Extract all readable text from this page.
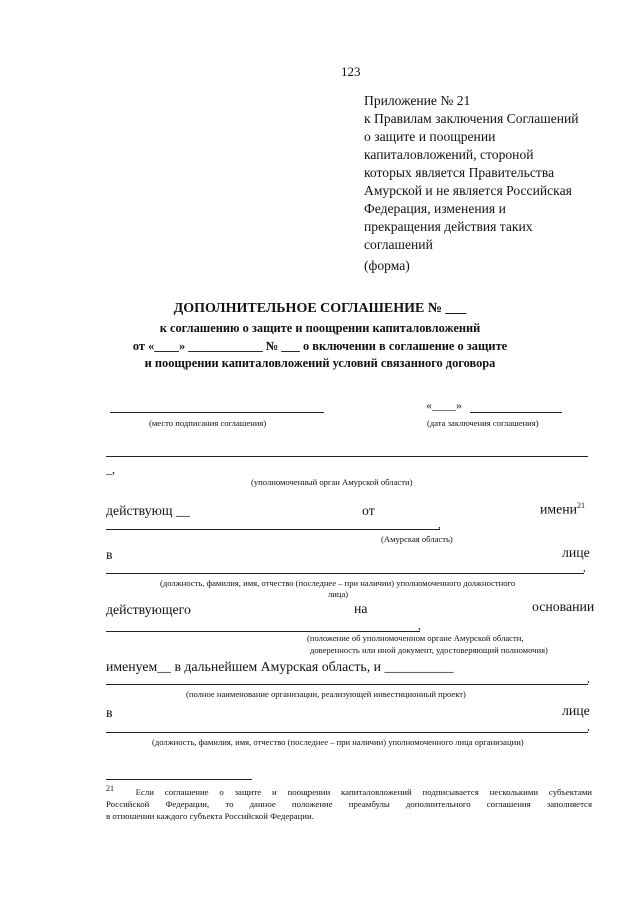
123
Приложение № 21
к Правилам заключения Соглашений
о защите и поощрении
капиталовложений, стороной
которых является Правительства
Амурской и не является Российская
Федерация, изменения и
прекращения действия таких
соглашений
(форма)
ДОПОЛНИТЕЛЬНОЕ СОГЛАШЕНИЕ № ___
к соглашению о защите и поощрении капиталовложений
от «____» ____________ № ___ о включении в соглашение о защите
и поощрении капиталовложений условий связанного договора
(место подписания соглашения)
«____»
(дата заключения соглашения)
_,
(уполномоченный орган Амурской области)
действующ __	от	имени$^{21}$
,
(Амурская область)
в	лице
,
(должность, фамилия, имя, отчество (последнее – при наличии) уполномоченного должностного
лица)
действующего	на	основании
,
(положение об уполномоченном органе Амурской области,
доверенность или иной документ, удостоверяющий полномочия)
именуем__ в дальнейшем Амурская область, и __________
,
(полное наименование организации, реализующей инвестиционный проект)
в	лице
,
(должность, фамилия, имя, отчество (последнее – при наличии) уполномоченного лица организации)
$^{21}$ Если соглашение о защите и поощрении капиталовложений подписывается несколькими субъектами
Российской Федерации, то данное положение преамбулы дополнительного соглашения заполняется
в отношении каждого субъекта Российской Федерации.
